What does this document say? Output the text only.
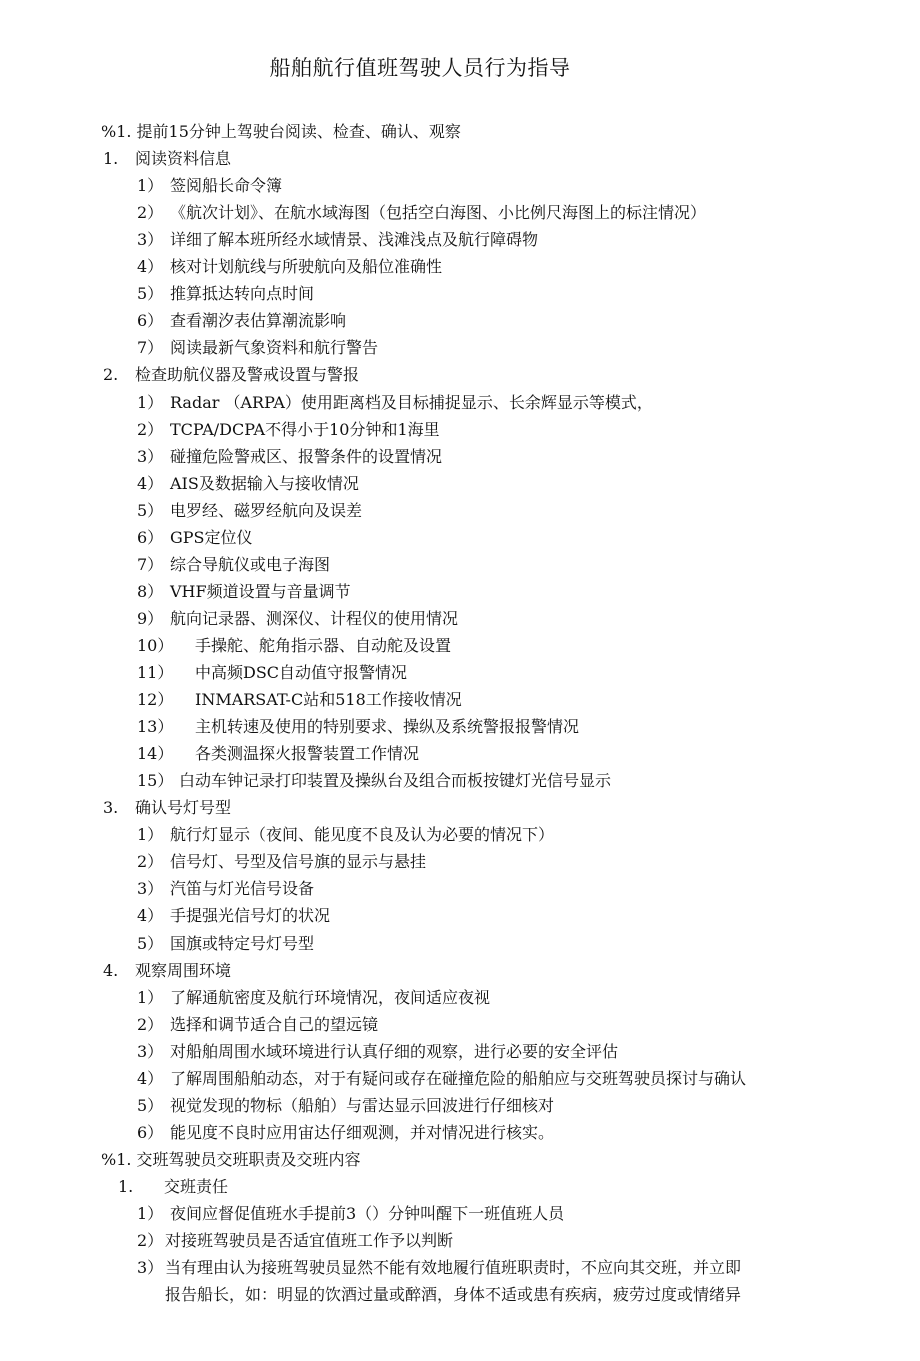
船舶航行值班驾驶人员行为指导
%1. 提前15分钟上驾驶台阅读、检查、确认、观察
1. 阅读资料信息
1） 签阅船长命令簿
2） 《航次计划》、在航水域海图（包括空白海图、小比例尺海图上的标注情况）
3） 详细了解本班所经水域情景、浅滩浅点及航行障碍物
4） 核对计划航线与所驶航向及船位准确性
5） 推算抵达转向点时间
6） 查看潮汐表估算潮流影响
7） 阅读最新气象资料和航行警告
2. 检查助航仪器及警戒设置与警报
1） Radar （ARPA）使用距离档及目标捕捉显示、长余辉显示等模式，
2） TCPA/DCPA不得小于10分钟和1海里
3） 碰撞危险警戒区、报警条件的设置情况
4） AIS及数据输入与接收情况
5） 电罗经、磁罗经航向及误差
6） GPS定位仪
7） 综合导航仪或电子海图
8） VHF频道设置与音量调节
9） 航向记录器、测深仪、计程仪的使用情况
10） 手操舵、舵角指示器、自动舵及设置
11） 中高频DSC自动值守报警情况
12） INMARSAT-C站和518工作接收情况
13） 主机转速及使用的特别要求、操纵及系统警报报警情况
14） 各类测温探火报警装置工作情况
15） 白动车钟记录打印装置及操纵台及组合而板按键灯光信号显示
3. 确认号灯号型
1） 航行灯显示（夜间、能见度不良及认为必要的情况下）
2） 信号灯、号型及信号旗的显示与悬挂
3） 汽笛与灯光信号设备
4） 手提强光信号灯的状况
5） 国旗或特定号灯号型
4. 观察周围环境
1） 了解通航密度及航行环境情况，夜间适应夜视
2） 选择和调节适合自己的望远镜
3） 对船舶周围水域环境进行认真仔细的观察，进行必要的安全评估
4） 了解周围船舶动态，对于有疑问或存在碰撞危险的船舶应与交班驾驶员探讨与确认
5） 视觉发现的物标（船舶）与雷达显示回波进行仔细核对
6） 能见度不良时应用宙达仔细观测，并对情况进行核实。
%1. 交班驾驶员交班职责及交班内容
1. 交班责任
1） 夜间应督促值班水手提前3（）分钟叫醒下一班值班人员
2） 对接班驾驶员是否适宜值班工作予以判断
3） 当有理由认为接班驾驶员显然不能有效地履行值班职责时，不应向其交班，并立即
报告船长，如：明显的饮酒过量或醉酒，身体不适或患有疾病，疲劳过度或情绪异
